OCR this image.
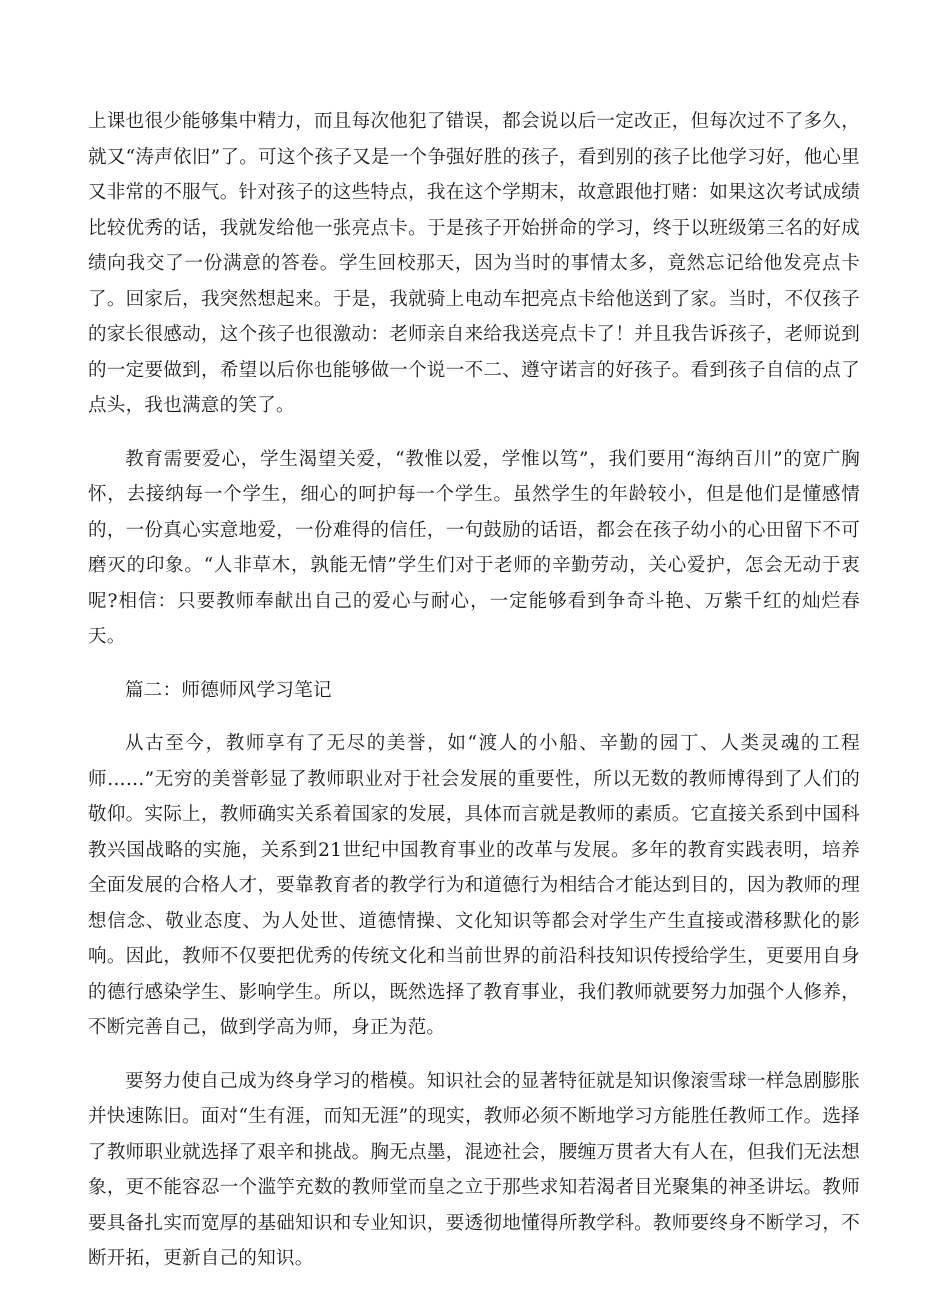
上课也很少能够集中精力，而且每次他犯了错误，都会说以后一定改正，但每次过不了多久，就又“涛声依旧”了。可这个孩子又是一个争强好胜的孩子，看到别的孩子比他学习好，他心里又非常的不服气。针对孩子的这些特点，我在这个学期末，故意跟他打赌：如果这次考试成绩比较优秀的话，我就发给他一张亮点卡。于是孩子开始拼命的学习，终于以班级第三名的好成绩向我交了一份满意的答卷。学生回校那天，因为当时的事情太多，竟然忘记给他发亮点卡了。回家后，我突然想起来。于是，我就骑上电动车把亮点卡给他送到了家。当时，不仅孩子的家长很感动，这个孩子也很激动：老师亲自来给我送亮点卡了！并且我告诉孩子，老师说到的一定要做到，希望以后你也能够做一个说一不二、遵守诺言的好孩子。看到孩子自信的点了点头，我也满意的笑了。

教育需要爱心，学生渴望关爱，“教惟以爱，学惟以笃”，我们要用“海纳百川”的宽广胸怀，去接纳每一个学生，细心的呵护每一个学生。虽然学生的年龄较小，但是他们是懂感情的，一份真心实意地爱，一份难得的信任，一句鼓励的话语，都会在孩子幼小的心田留下不可磨灭的印象。“人非草木，孰能无情”学生们对于老师的辛勤劳动，关心爱护，怎会无动于衷呢?相信：只要教师奉献出自己的爱心与耐心，一定能够看到争奇斗艳、万紫千红的灿烂春天。

篇二：师德师风学习笔记

从古至今，教师享有了无尽的美誉，如“渡人的小船、辛勤的园丁、人类灵魂的工程师……”无穷的美誉彰显了教师职业对于社会发展的重要性，所以无数的教师博得到了人们的敬仰。实际上，教师确实关系着国家的发展，具体而言就是教师的素质。它直接关系到中国科教兴国战略的实施，关系到21世纪中国教育事业的改革与发展。多年的教育实践表明，培养全面发展的合格人才，要靠教育者的教学行为和道德行为相结合才能达到目的，因为教师的理想信念、敬业态度、为人处世、道德情操、文化知识等都会对学生产生直接或潜移默化的影响。因此，教师不仅要把优秀的传统文化和当前世界的前沿科技知识传授给学生，更要用自身的德行感染学生、影响学生。所以，既然选择了教育事业，我们教师就要努力加强个人修养，不断完善自己，做到学高为师，身正为范。

要努力使自己成为终身学习的楷模。知识社会的显著特征就是知识像滚雪球一样急剧膨胀并快速陈旧。面对“生有涯，而知无涯”的现实，教师必须不断地学习方能胜任教师工作。选择了教师职业就选择了艰辛和挑战。胸无点墨，混迹社会，腰缠万贯者大有人在，但我们无法想象，更不能容忍一个滥竽充数的教师堂而皇之立于那些求知若渴者目光聚集的神圣讲坛。教师要具备扎实而宽厚的基础知识和专业知识，要透彻地懂得所教学科。教师要终身不断学习，不断开拓，更新自己的知识。
